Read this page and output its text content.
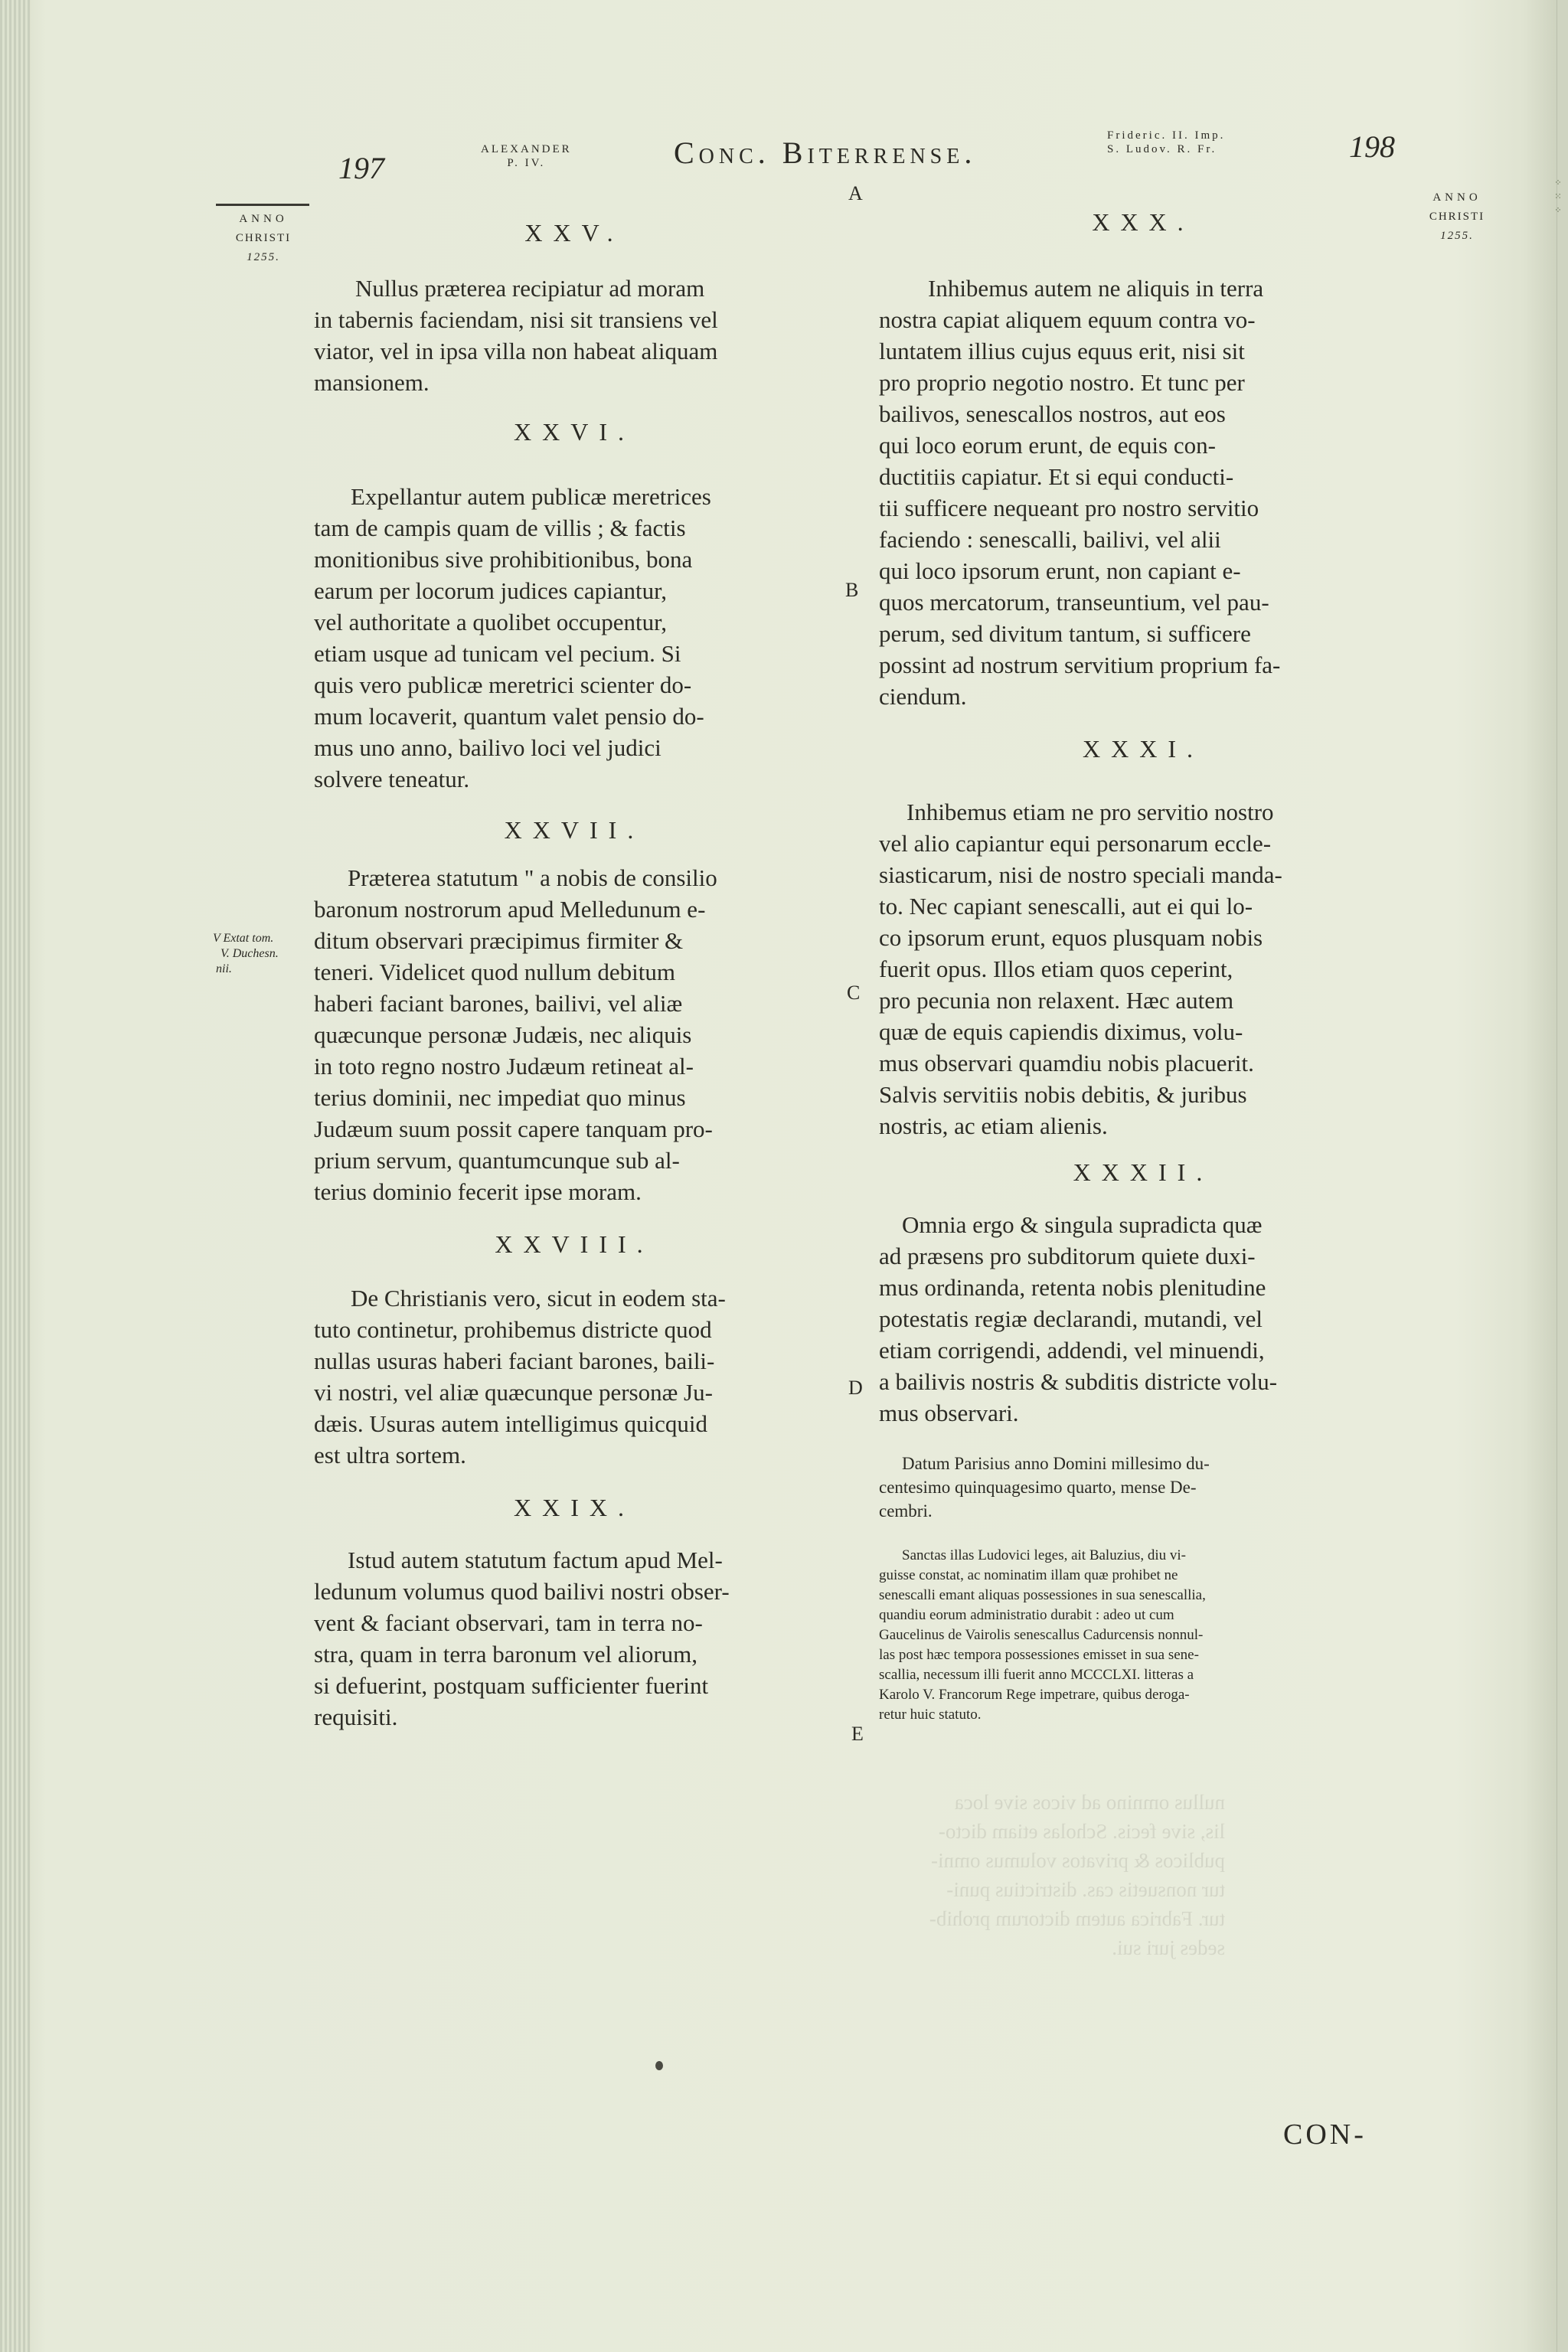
nullus omnino ad vicos sive loca
lis, sive fecis. Scholas etiam dicto-
publicos & privatos volumus omni-
tur nonsuetis cas. districtius puni-
tur. Fabrica autem dictorum prohib-
sedes juri sui.
197
ALEXANDER
P. IV.	Conc. Biterrense.
A
Frideric. II. Imp.
S. Ludov. R. Fr.	198
ANNO
CHRISTI
1255.
ANNO
CHRISTI
1255.
⁘
⁙
⁘
V Extat tom.
V. Duchesn.
nii.
B
C
D
E
XXV.
Nullus præterea recipiatur ad moram
in tabernis faciendam, nisi sit transiens vel
viator, vel in ipsa villa non habeat aliquam
mansionem.
XXVI.
Expellantur autem publicæ meretrices
tam de campis quam de villis ; & factis
monitionibus sive prohibitionibus, bona
earum per locorum judices capiantur,
vel authoritate a quolibet occupentur,
etiam usque ad tunicam vel pecium. Si
quis vero publicæ meretrici scienter do-
mum locaverit, quantum valet pensio do-
mus uno anno, bailivo loci vel judici
solvere teneatur.
XXVII.
Præterea statutum " a nobis de consilio
baronum nostrorum apud Melledunum e-
ditum observari præcipimus firmiter &
teneri. Videlicet quod nullum debitum
haberi faciant barones, bailivi, vel aliæ
quæcunque personæ Judæis, nec aliquis
in toto regno nostro Judæum retineat al-
terius dominii, nec impediat quo minus
Judæum suum possit capere tanquam pro-
prium servum, quantumcunque sub al-
terius dominio fecerit ipse moram.
XXVIII.
De Christianis vero, sicut in eodem sta-
tuto continetur, prohibemus districte quod
nullas usuras haberi faciant barones, baili-
vi nostri, vel aliæ quæcunque personæ Ju-
dæis. Usuras autem intelligimus quicquid
est ultra sortem.
XXIX.
Istud autem statutum factum apud Mel-
ledunum volumus quod bailivi nostri obser-
vent & faciant observari, tam in terra no-
stra, quam in terra baronum vel aliorum,
si defuerint, postquam sufficienter fuerint
requisiti.
XXX.
Inhibemus autem ne aliquis in terra
nostra capiat aliquem equum contra vo-
luntatem illius cujus equus erit, nisi sit
pro proprio negotio nostro. Et tunc per
bailivos, senescallos nostros, aut eos
qui loco eorum erunt, de equis con-
ductitiis capiatur. Et si equi conducti-
tii sufficere nequeant pro nostro servitio
faciendo : senescalli, bailivi, vel alii
qui loco ipsorum erunt, non capiant e-
quos mercatorum, transeuntium, vel pau-
perum, sed divitum tantum, si sufficere
possint ad nostrum servitium proprium fa-
ciendum.
XXXI.
Inhibemus etiam ne pro servitio nostro
vel alio capiantur equi personarum eccle-
siasticarum, nisi de nostro speciali manda-
to. Nec capiant senescalli, aut ei qui lo-
co ipsorum erunt, equos plusquam nobis
fuerit opus. Illos etiam quos ceperint,
pro pecunia non relaxent. Hæc autem
quæ de equis capiendis diximus, volu-
mus observari quamdiu nobis placuerit.
Salvis servitiis nobis debitis, & juribus
nostris, ac etiam alienis.
XXXII.
Omnia ergo & singula supradicta quæ
ad præsens pro subditorum quiete duxi-
mus ordinanda, retenta nobis plenitudine
potestatis regiæ declarandi, mutandi, vel
etiam corrigendi, addendi, vel minuendi,
a bailivis nostris & subditis districte volu-
mus observari.
Datum Parisius anno Domini millesimo du-
centesimo quinquagesimo quarto, mense De-
cembri.
Sanctas illas Ludovici leges, ait Baluzius, diu vi-
guisse constat, ac nominatim illam quæ prohibet ne
senescalli emant aliquas possessiones in sua senescallia,
quandiu eorum administratio durabit : adeo ut cum
Gaucelinus de Vairolis senescallus Cadurcensis nonnul-
las post hæc tempora possessiones emisset in sua sene-
scallia, necessum illi fuerit anno MCCCLXI. litteras a
Karolo V. Francorum Rege impetrare, quibus deroga-
retur huic statuto.
CON-
